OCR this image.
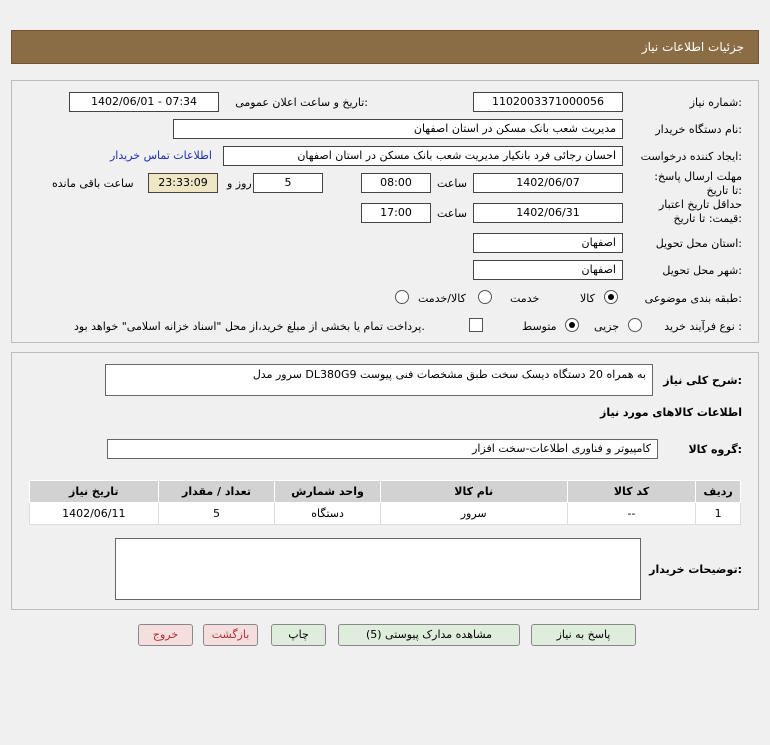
جزئیات اطلاعات نیاز
شماره نیاز:
1102003371000056
تاریخ و ساعت اعلان عمومی:
1402/06/01 - 07:34
نام دستگاه خریدار:
مدیریت شعب بانک مسکن در استان اصفهان
ایجاد کننده درخواست:
احسان رجائی فرد بانکیار مدیریت شعب بانک مسکن در استان اصفهان
اطلاعات تماس خریدار
مهلت ارسال پاسخ: تا تاریخ:
1402/06/07
ساعت
08:00
5
روز و
23:33:09
ساعت باقی مانده
حداقل تاریخ اعتبار قیمت: تا تاریخ:
1402/06/31
ساعت
17:00
استان محل تحویل:
اصفهان
شهر محل تحویل:
اصفهان
طبقه بندی موضوعی:
کالا
خدمت
کالا/خدمت
نوع فرآیند خرید :
جزیی
متوسط
پرداخت تمام یا بخشی از مبلغ خرید،از محل "اسناد خزانه اسلامی" خواهد بود.
شرح کلی نیاز:
سرور مدل DL380G9 به همراه 20 دستگاه دیسک سخت طبق مشخصات فنی پیوست
اطلاعات کالاهای مورد نیاز
گروه کالا:
کامپیوتر و فناوری اطلاعات-سخت افزار
تاریخ نیاز	تعداد / مقدار	واحد شمارش	نام کالا	کد کالا	ردیف
1402/06/11	5	دستگاه	سرور	--	1
توضیحات خریدار:
پاسخ به نیاز
مشاهده مدارک پیوستی (5)
چاپ
بازگشت
خروج
